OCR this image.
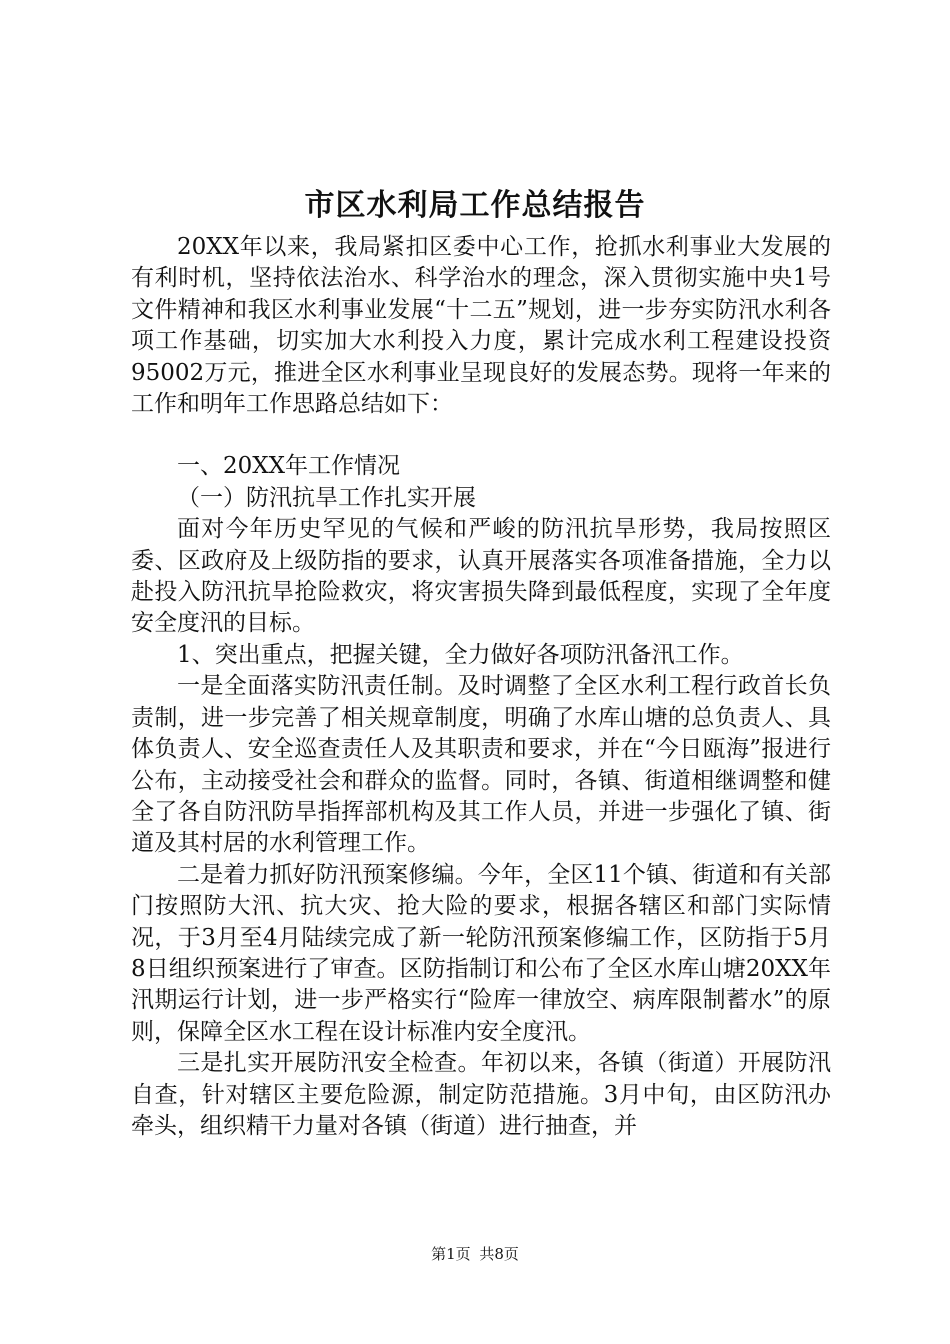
市区水利局工作总结报告

20XX年以来，我局紧扣区委中心工作，抢抓水利事业大发展的有利时机，坚持依法治水、科学治水的理念，深入贯彻实施中央1号文件精神和我区水利事业发展“十二五”规划，进一步夯实防汛水利各项工作基础，切实加大水利投入力度，累计完成水利工程建设投资95002万元，推进全区水利事业呈现良好的发展态势。现将一年来的工作和明年工作思路总结如下：

一、20XX年工作情况

（一）防汛抗旱工作扎实开展

面对今年历史罕见的气候和严峻的防汛抗旱形势，我局按照区委、区政府及上级防指的要求，认真开展落实各项准备措施，全力以赴投入防汛抗旱抢险救灾，将灾害损失降到最低程度，实现了全年度安全度汛的目标。

1、突出重点，把握关键，全力做好各项防汛备汛工作。

一是全面落实防汛责任制。及时调整了全区水利工程行政首长负责制，进一步完善了相关规章制度，明确了水库山塘的总负责人、具体负责人、安全巡查责任人及其职责和要求，并在“今日瓯海”报进行公布，主动接受社会和群众的监督。同时，各镇、街道相继调整和健全了各自防汛防旱指挥部机构及其工作人员，并进一步强化了镇、街道及其村居的水利管理工作。

二是着力抓好防汛预案修编。今年，全区11个镇、街道和有关部门按照防大汛、抗大灾、抢大险的要求，根据各辖区和部门实际情况，于3月至4月陆续完成了新一轮防汛预案修编工作，区防指于5月8日组织预案进行了审查。区防指制订和公布了全区水库山塘20XX年汛期运行计划，进一步严格实行“险库一律放空、病库限制蓄水”的原则，保障全区水工程在设计标准内安全度汛。

三是扎实开展防汛安全检查。年初以来，各镇（街道）开展防汛自查，针对辖区主要危险源，制定防范措施。3月中旬，由区防汛办牵头，组织精干力量对各镇（街道）进行抽查，并

第1页 共8页
